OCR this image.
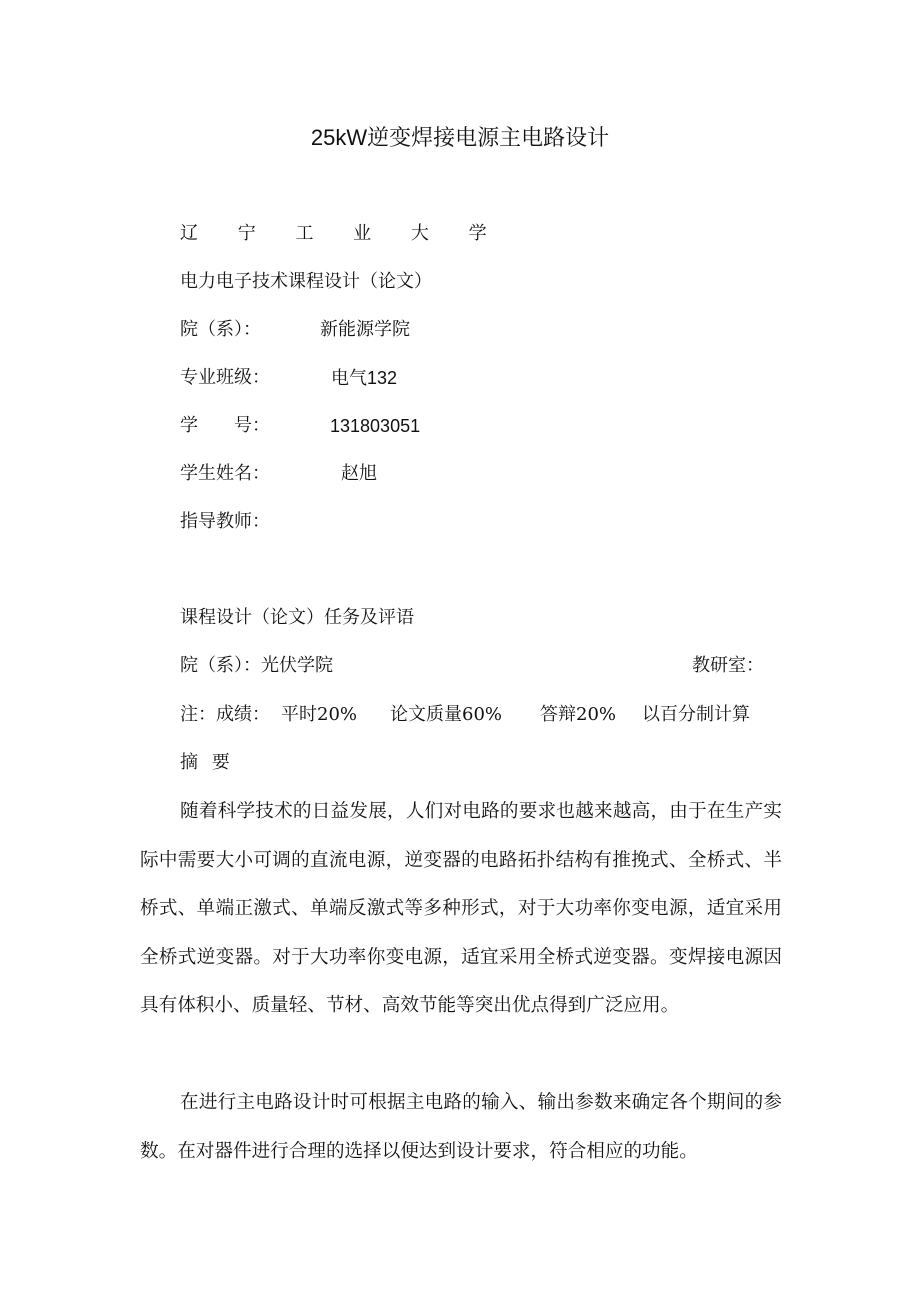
25kW逆变焊接电源主电路设计
辽 宁 工 业 大 学
电力电子技术课程设计（论文）
院（系）：	新能源学院
专业班级：	电气132
学　　号：	131803051
学生姓名：	赵旭
指导教师：
课程设计（论文）任务及评语
院（系）：光伏学院	教研室：
注：成绩： 平时20% 论文质量60% 答辩20% 以百分制计算
摘 要

随着科学技术的日益发展，人们对电路的要求也越来越高，由于在生产实际中需要大小可调的直流电源，逆变器的电路拓扑结构有推挽式、全桥式、半桥式、单端正激式、单端反激式等多种形式，对于大功率你变电源，适宜采用全桥式逆变器。对于大功率你变电源，适宜采用全桥式逆变器。变焊接电源因具有体积小、质量轻、节材、高效节能等突出优点得到广泛应用。

在进行主电路设计时可根据主电路的输入、输出参数来确定各个期间的参数。在对器件进行合理的选择以便达到设计要求，符合相应的功能。
